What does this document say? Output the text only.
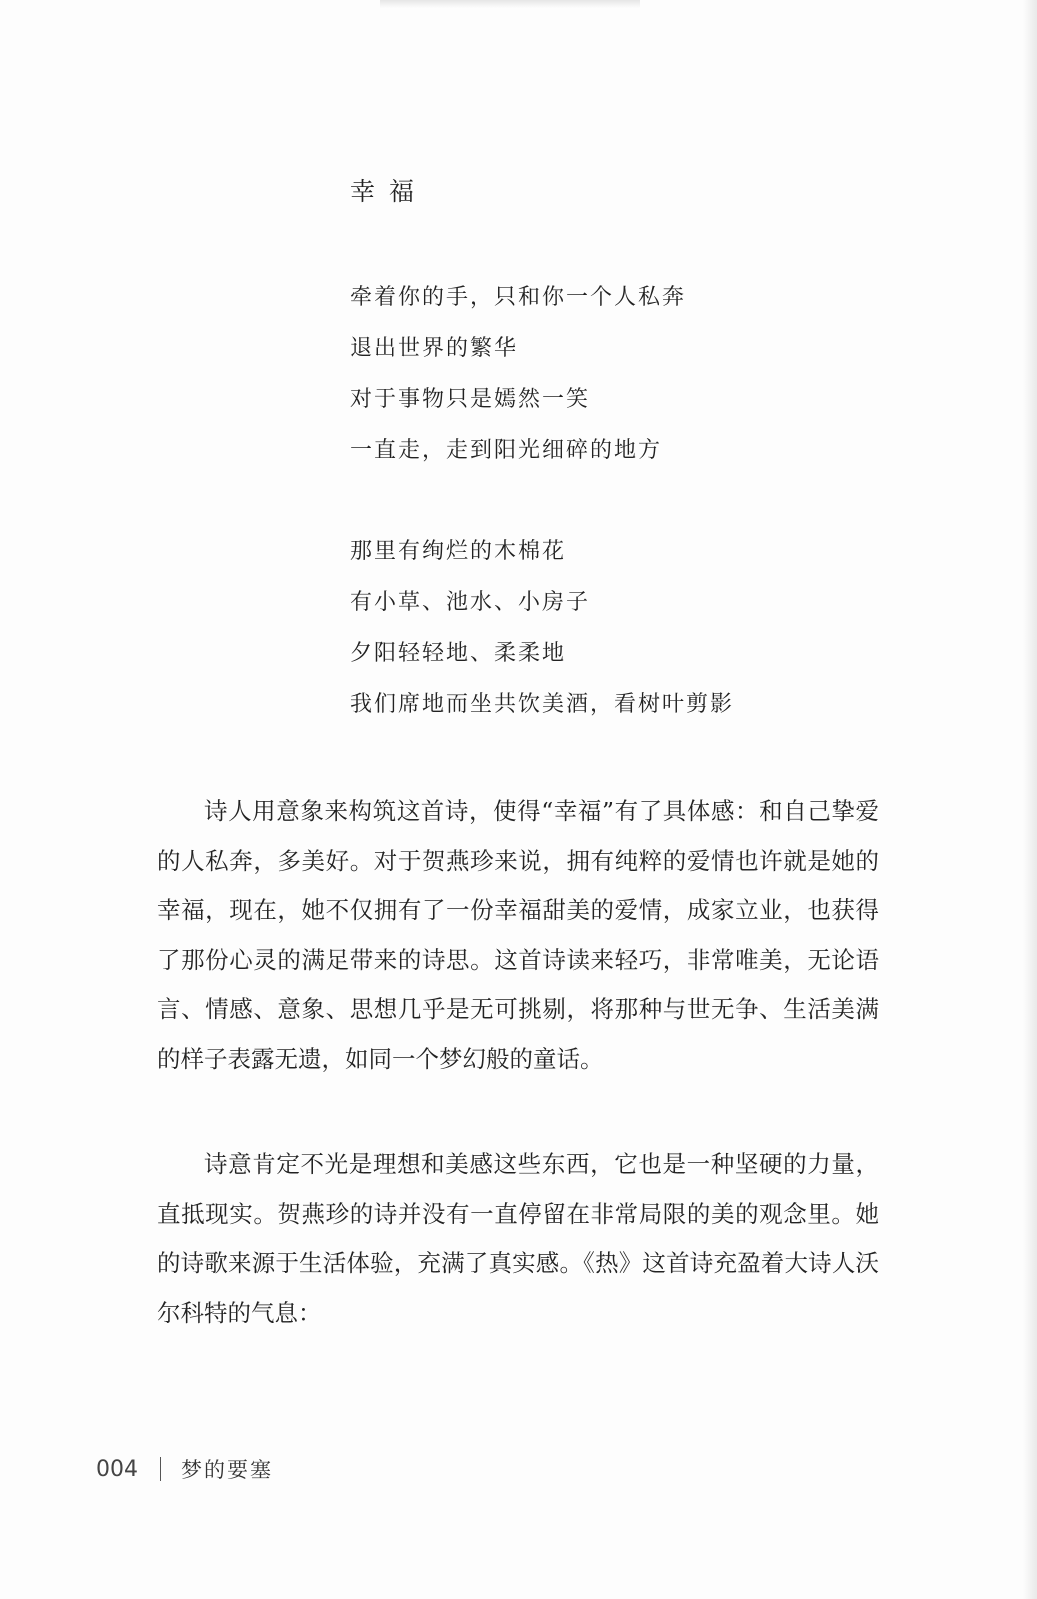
幸福
牵着你的手，只和你一个人私奔
退出世界的繁华
对于事物只是嫣然一笑
一直走，走到阳光细碎的地方
那里有绚烂的木棉花
有小草、池水、小房子
夕阳轻轻地、柔柔地
我们席地而坐共饮美酒，看树叶剪影

诗人用意象来构筑这首诗，使得“幸福”有了具体感：和自己挚爱的人私奔，多美好。对于贺燕珍来说，拥有纯粹的爱情也许就是她的幸福，现在，她不仅拥有了一份幸福甜美的爱情，成家立业，也获得了那份心灵的满足带来的诗思。这首诗读来轻巧，非常唯美，无论语言、情感、意象、思想几乎是无可挑剔，将那种与世无争、生活美满的样子表露无遗，如同一个梦幻般的童话。

诗意肯定不光是理想和美感这些东西，它也是一种坚硬的力量，直抵现实。贺燕珍的诗并没有一直停留在非常局限的美的观念里。她的诗歌来源于生活体验，充满了真实感。《热》这首诗充盈着大诗人沃尔科特的气息：

004 梦的要塞
